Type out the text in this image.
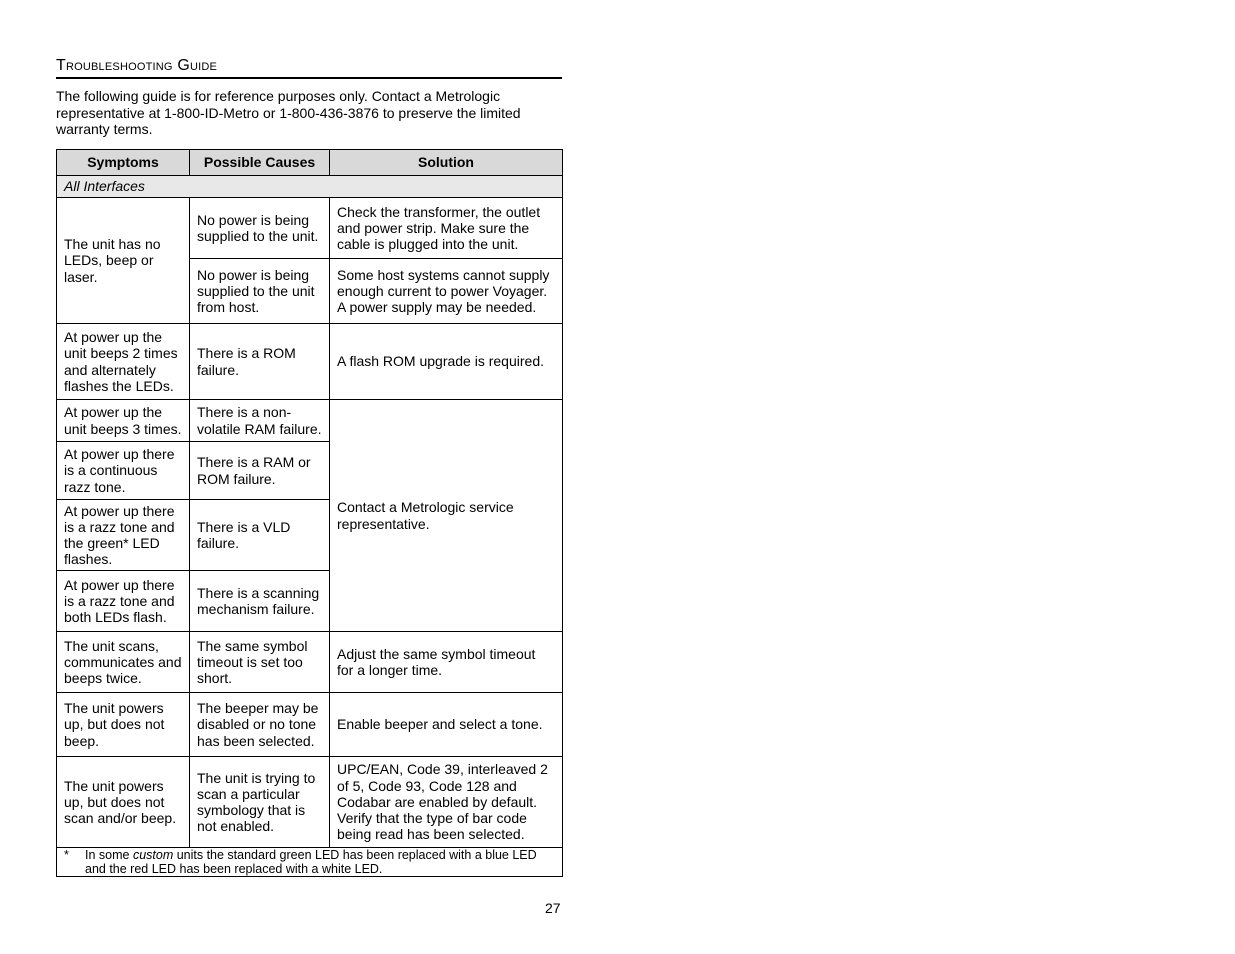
Troubleshooting Guide
The following guide is for reference purposes only. Contact a Metrologic representative at 1-800-ID-Metro or 1-800-436-3876 to preserve the limited warranty terms.
Symptoms	Possible Causes	Solution
All Interfaces		
The unit has no LEDs, beep or laser.	No power is being supplied to the unit.	Check the transformer, the outlet and power strip. Make sure the cable is plugged into the unit.
	No power is being supplied to the unit from host.	Some host systems cannot supply enough current to power Voyager. A power supply may be needed.
At power up the unit beeps 2 times and alternately flashes the LEDs.	There is a ROM failure.	A flash ROM upgrade is required.
At power up the unit beeps 3 times.	There is a non-volatile RAM failure.	Contact a Metrologic service representative.
At power up there is a continuous razz tone.	There is a RAM or ROM failure.	
At power up there is a razz tone and the green* LED flashes.	There is a VLD failure.	
At power up there is a razz tone and both LEDs flash.	There is a scanning mechanism failure.	
The unit scans, communicates and beeps twice.	The same symbol timeout is set too short.	Adjust the same symbol timeout for a longer time.
The unit powers up, but does not beep.	The beeper may be disabled or no tone has been selected.	Enable beeper and select a tone.
The unit powers up, but does not scan and/or beep.	The unit is trying to scan a particular symbology that is not enabled.	UPC/EAN, Code 39, interleaved 2 of 5, Code 93, Code 128 and Codabar are enabled by default. Verify that the type of bar code being read has been selected.
* In some custom units the standard green LED has been replaced with a blue LED and the red LED has been replaced with a white LED.		
27
